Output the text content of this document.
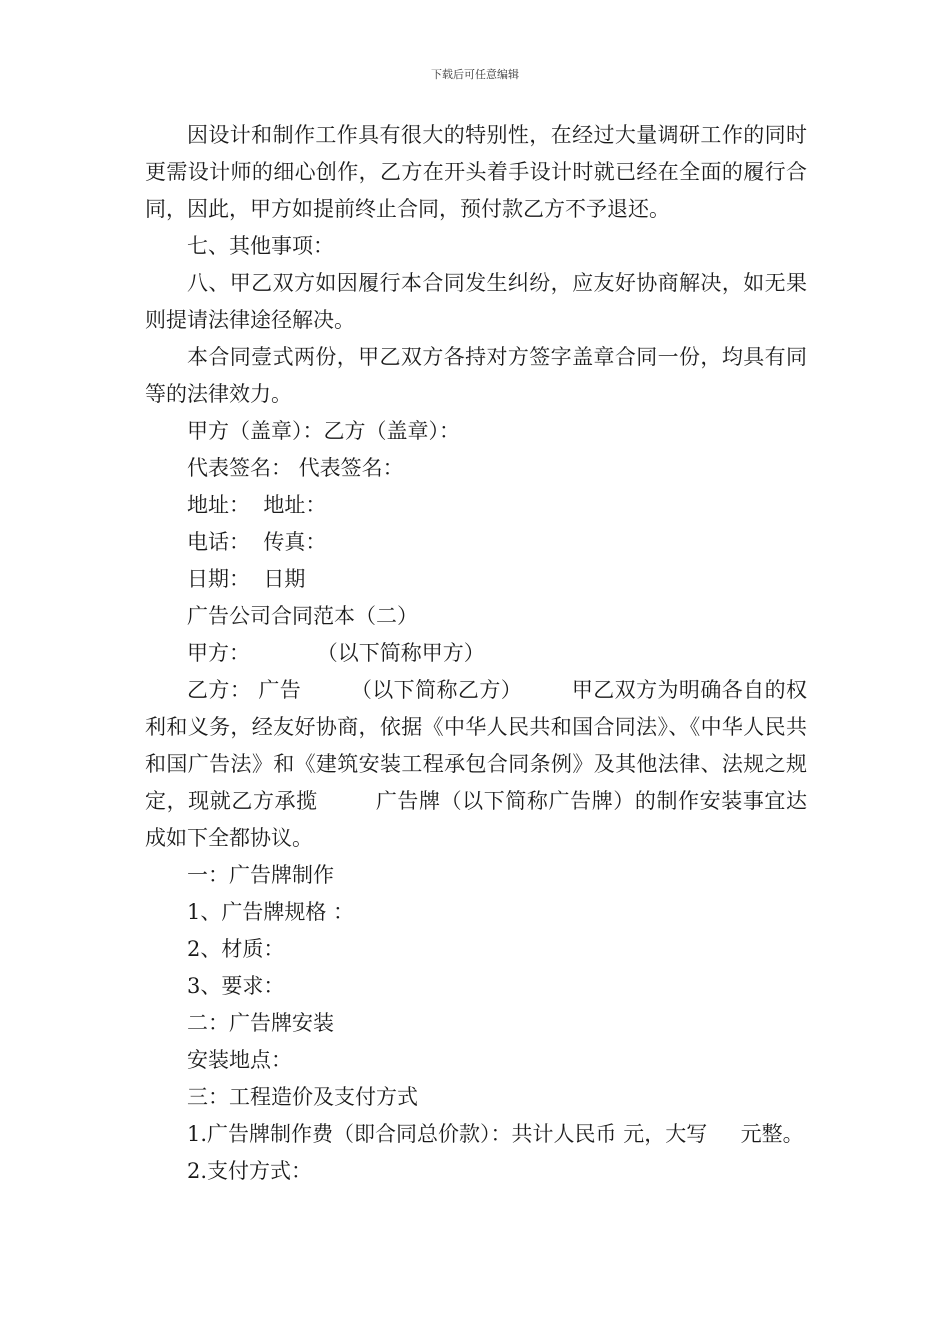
下载后可任意编辑

因设计和制作工作具有很大的特别性，在经过大量调研工作的同时更需设计师的细心创作，乙方在开头着手设计时就已经在全面的履行合同，因此，甲方如提前终止合同，预付款乙方不予退还。

七、其他事项：

八、甲乙双方如因履行本合同发生纠纷，应友好协商解决，如无果则提请法律途径解决。

本合同壹式两份，甲乙双方各持对方签字盖章合同一份，均具有同等的法律效力。

甲方（盖章）：乙方（盖章）：

代表签名： 代表签名：

地址：  地址：

电话：  传真：

日期：  日期

广告公司合同范本（二）

甲方：          （以下简称甲方）

乙方： 广告       （以下简称乙方）       甲乙双方为明确各自的权利和义务，经友好协商，依据《中华人民共和国合同法》、《中华人民共和国广告法》和《建筑安装工程承包合同条例》及其他法律、法规之规定，现就乙方承揽        广告牌（以下简称广告牌）的制作安装事宜达成如下全都协议。

一：广告牌制作

1、广告牌规格 ：

2、材质：

3、要求：

二：广告牌安装

安装地点：

三：工程造价及支付方式

1.广告牌制作费（即合同总价款）：共计人民币 元，大写     元整。

2.支付方式：
